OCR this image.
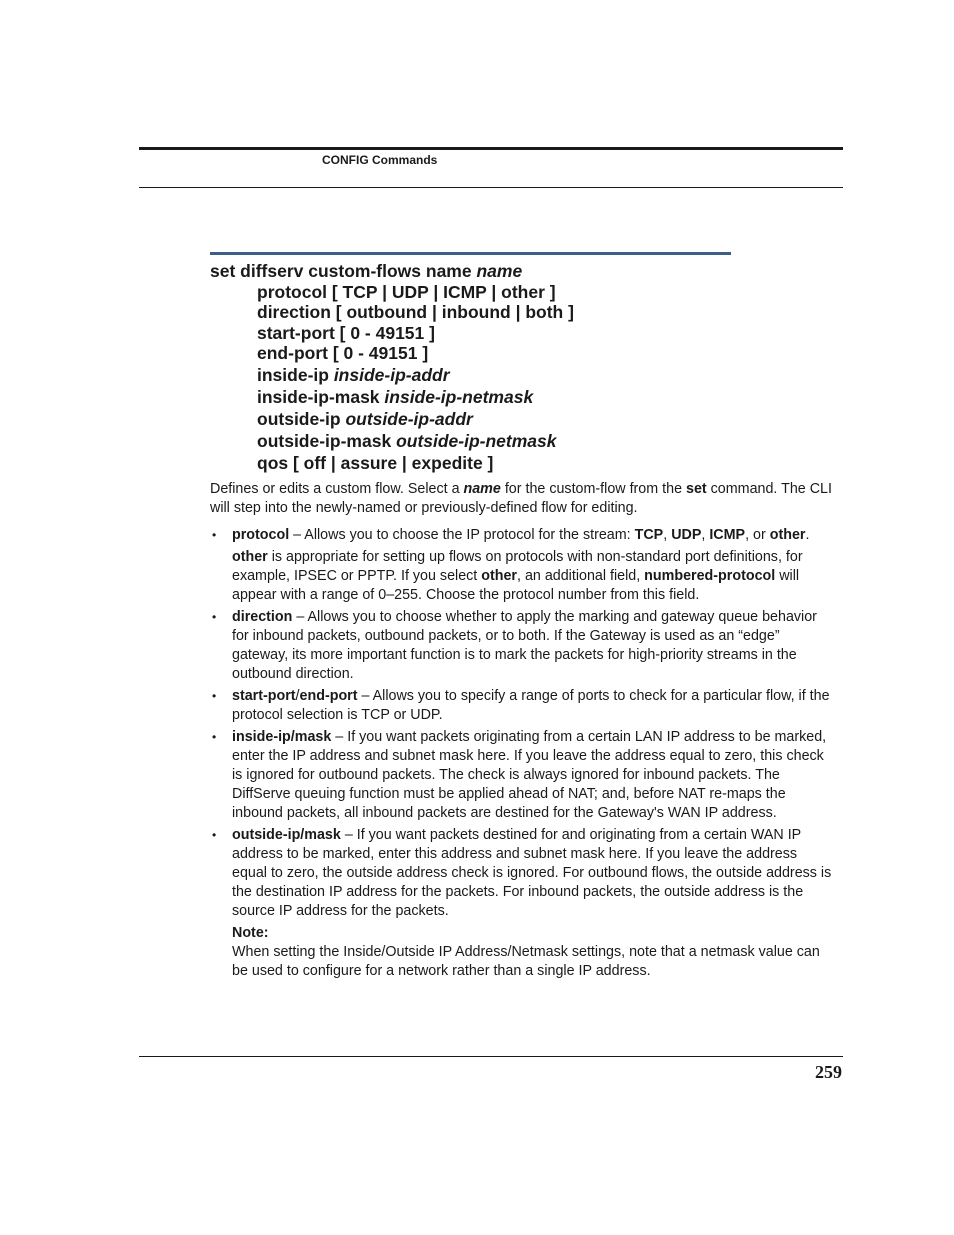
CONFIG Commands
set diffserv custom-flows name name
protocol [ TCP | UDP | ICMP | other ]
direction [ outbound | inbound | both ]
start-port [ 0 - 49151 ]
end-port [ 0 - 49151 ]
inside-ip inside-ip-addr
inside-ip-mask inside-ip-netmask
outside-ip outside-ip-addr
outside-ip-mask outside-ip-netmask
qos [ off | assure | expedite ]

Defines or edits a custom flow. Select a name for the custom-flow from the set command. The CLI will step into the newly-named or previously-defined flow for editing.

• protocol – Allows you to choose the IP protocol for the stream: TCP, UDP, ICMP, or other.

other is appropriate for setting up flows on protocols with non-standard port definitions, for example, IPSEC or PPTP. If you select other, an additional field, numbered-protocol will appear with a range of 0–255. Choose the protocol number from this field.

• direction – Allows you to choose whether to apply the marking and gateway queue behavior for inbound packets, outbound packets, or to both. If the Gateway is used as an “edge” gateway, its more important function is to mark the packets for high-priority streams in the outbound direction.

• start-port/end-port – Allows you to specify a range of ports to check for a particular flow, if the protocol selection is TCP or UDP.

• inside-ip/mask – If you want packets originating from a certain LAN IP address to be marked, enter the IP address and subnet mask here. If you leave the address equal to zero, this check is ignored for outbound packets. The check is always ignored for inbound packets. The DiffServe queuing function must be applied ahead of NAT; and, before NAT re-maps the inbound packets, all inbound packets are destined for the Gateway's WAN IP address.

• outside-ip/mask – If you want packets destined for and originating from a certain WAN IP address to be marked, enter this address and subnet mask here. If you leave the address equal to zero, the outside address check is ignored. For outbound flows, the outside address is the destination IP address for the packets. For inbound packets, the outside address is the source IP address for the packets.

Note:
When setting the Inside/Outside IP Address/Netmask settings, note that a netmask value can be used to configure for a network rather than a single IP address.

259
